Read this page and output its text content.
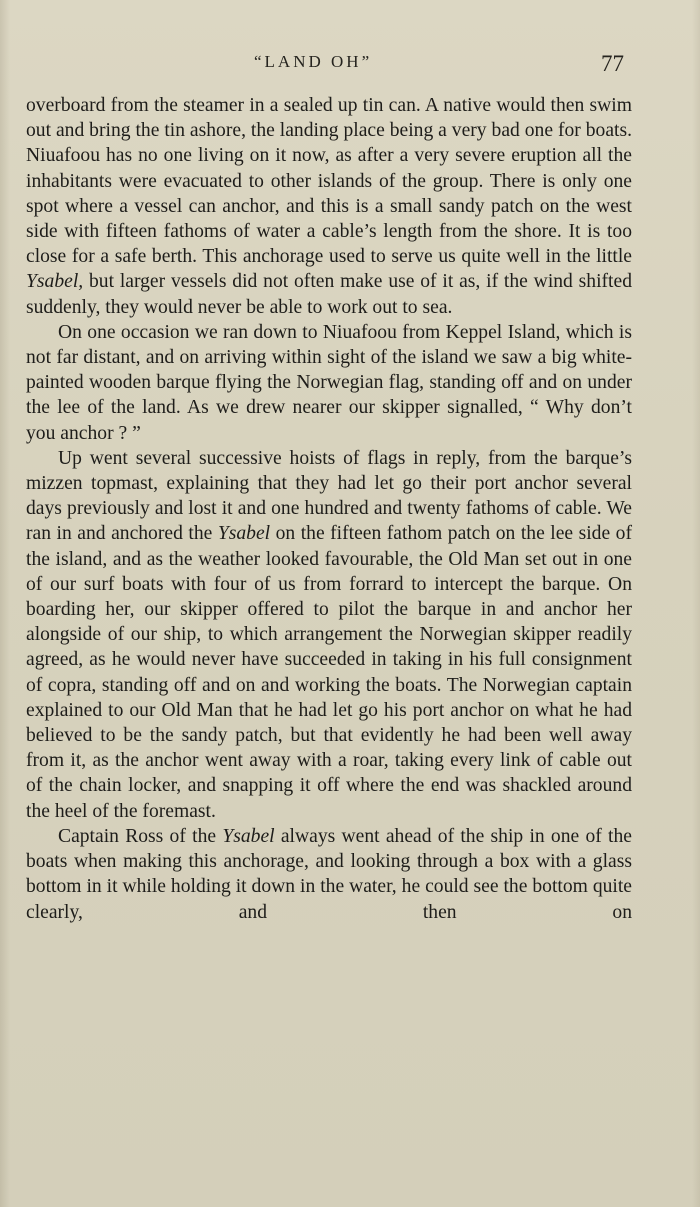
“LAND OH”	77

overboard from the steamer in a sealed up tin can. A native would then swim out and bring the tin ashore, the landing place being a very bad one for boats. Niuafoou has no one living on it now, as after a very severe eruption all the inhabitants were evacuated to other islands of the group. There is only one spot where a vessel can anchor, and this is a small sandy patch on the west side with fifteen fathoms of water a cable’s length from the shore. It is too close for a safe berth. This anchorage used to serve us quite well in the little Ysabel, but larger vessels did not often make use of it as, if the wind shifted suddenly, they would never be able to work out to sea.

On one occasion we ran down to Niuafoou from Keppel Island, which is not far distant, and on arriving within sight of the island we saw a big white-painted wooden barque flying the Norwegian flag, standing off and on under the lee of the land. As we drew nearer our skipper signalled, “ Why don’t you anchor ? ”

Up went several successive hoists of flags in reply, from the barque’s mizzen topmast, explaining that they had let go their port anchor several days previously and lost it and one hundred and twenty fathoms of cable. We ran in and anchored the Ysabel on the fifteen fathom patch on the lee side of the island, and as the weather looked favourable, the Old Man set out in one of our surf boats with four of us from forrard to intercept the barque. On boarding her, our skipper offered to pilot the barque in and anchor her alongside of our ship, to which arrangement the Norwegian skipper readily agreed, as he would never have succeeded in taking in his full consignment of copra, standing off and on and working the boats. The Norwegian captain explained to our Old Man that he had let go his port anchor on what he had believed to be the sandy patch, but that evidently he had been well away from it, as the anchor went away with a roar, taking every link of cable out of the chain locker, and snapping it off where the end was shackled around the heel of the foremast.

Captain Ross of the Ysabel always went ahead of the ship in one of the boats when making this anchorage, and looking through a box with a glass bottom in it while holding it down in the water, he could see the bottom quite clearly, and then on
